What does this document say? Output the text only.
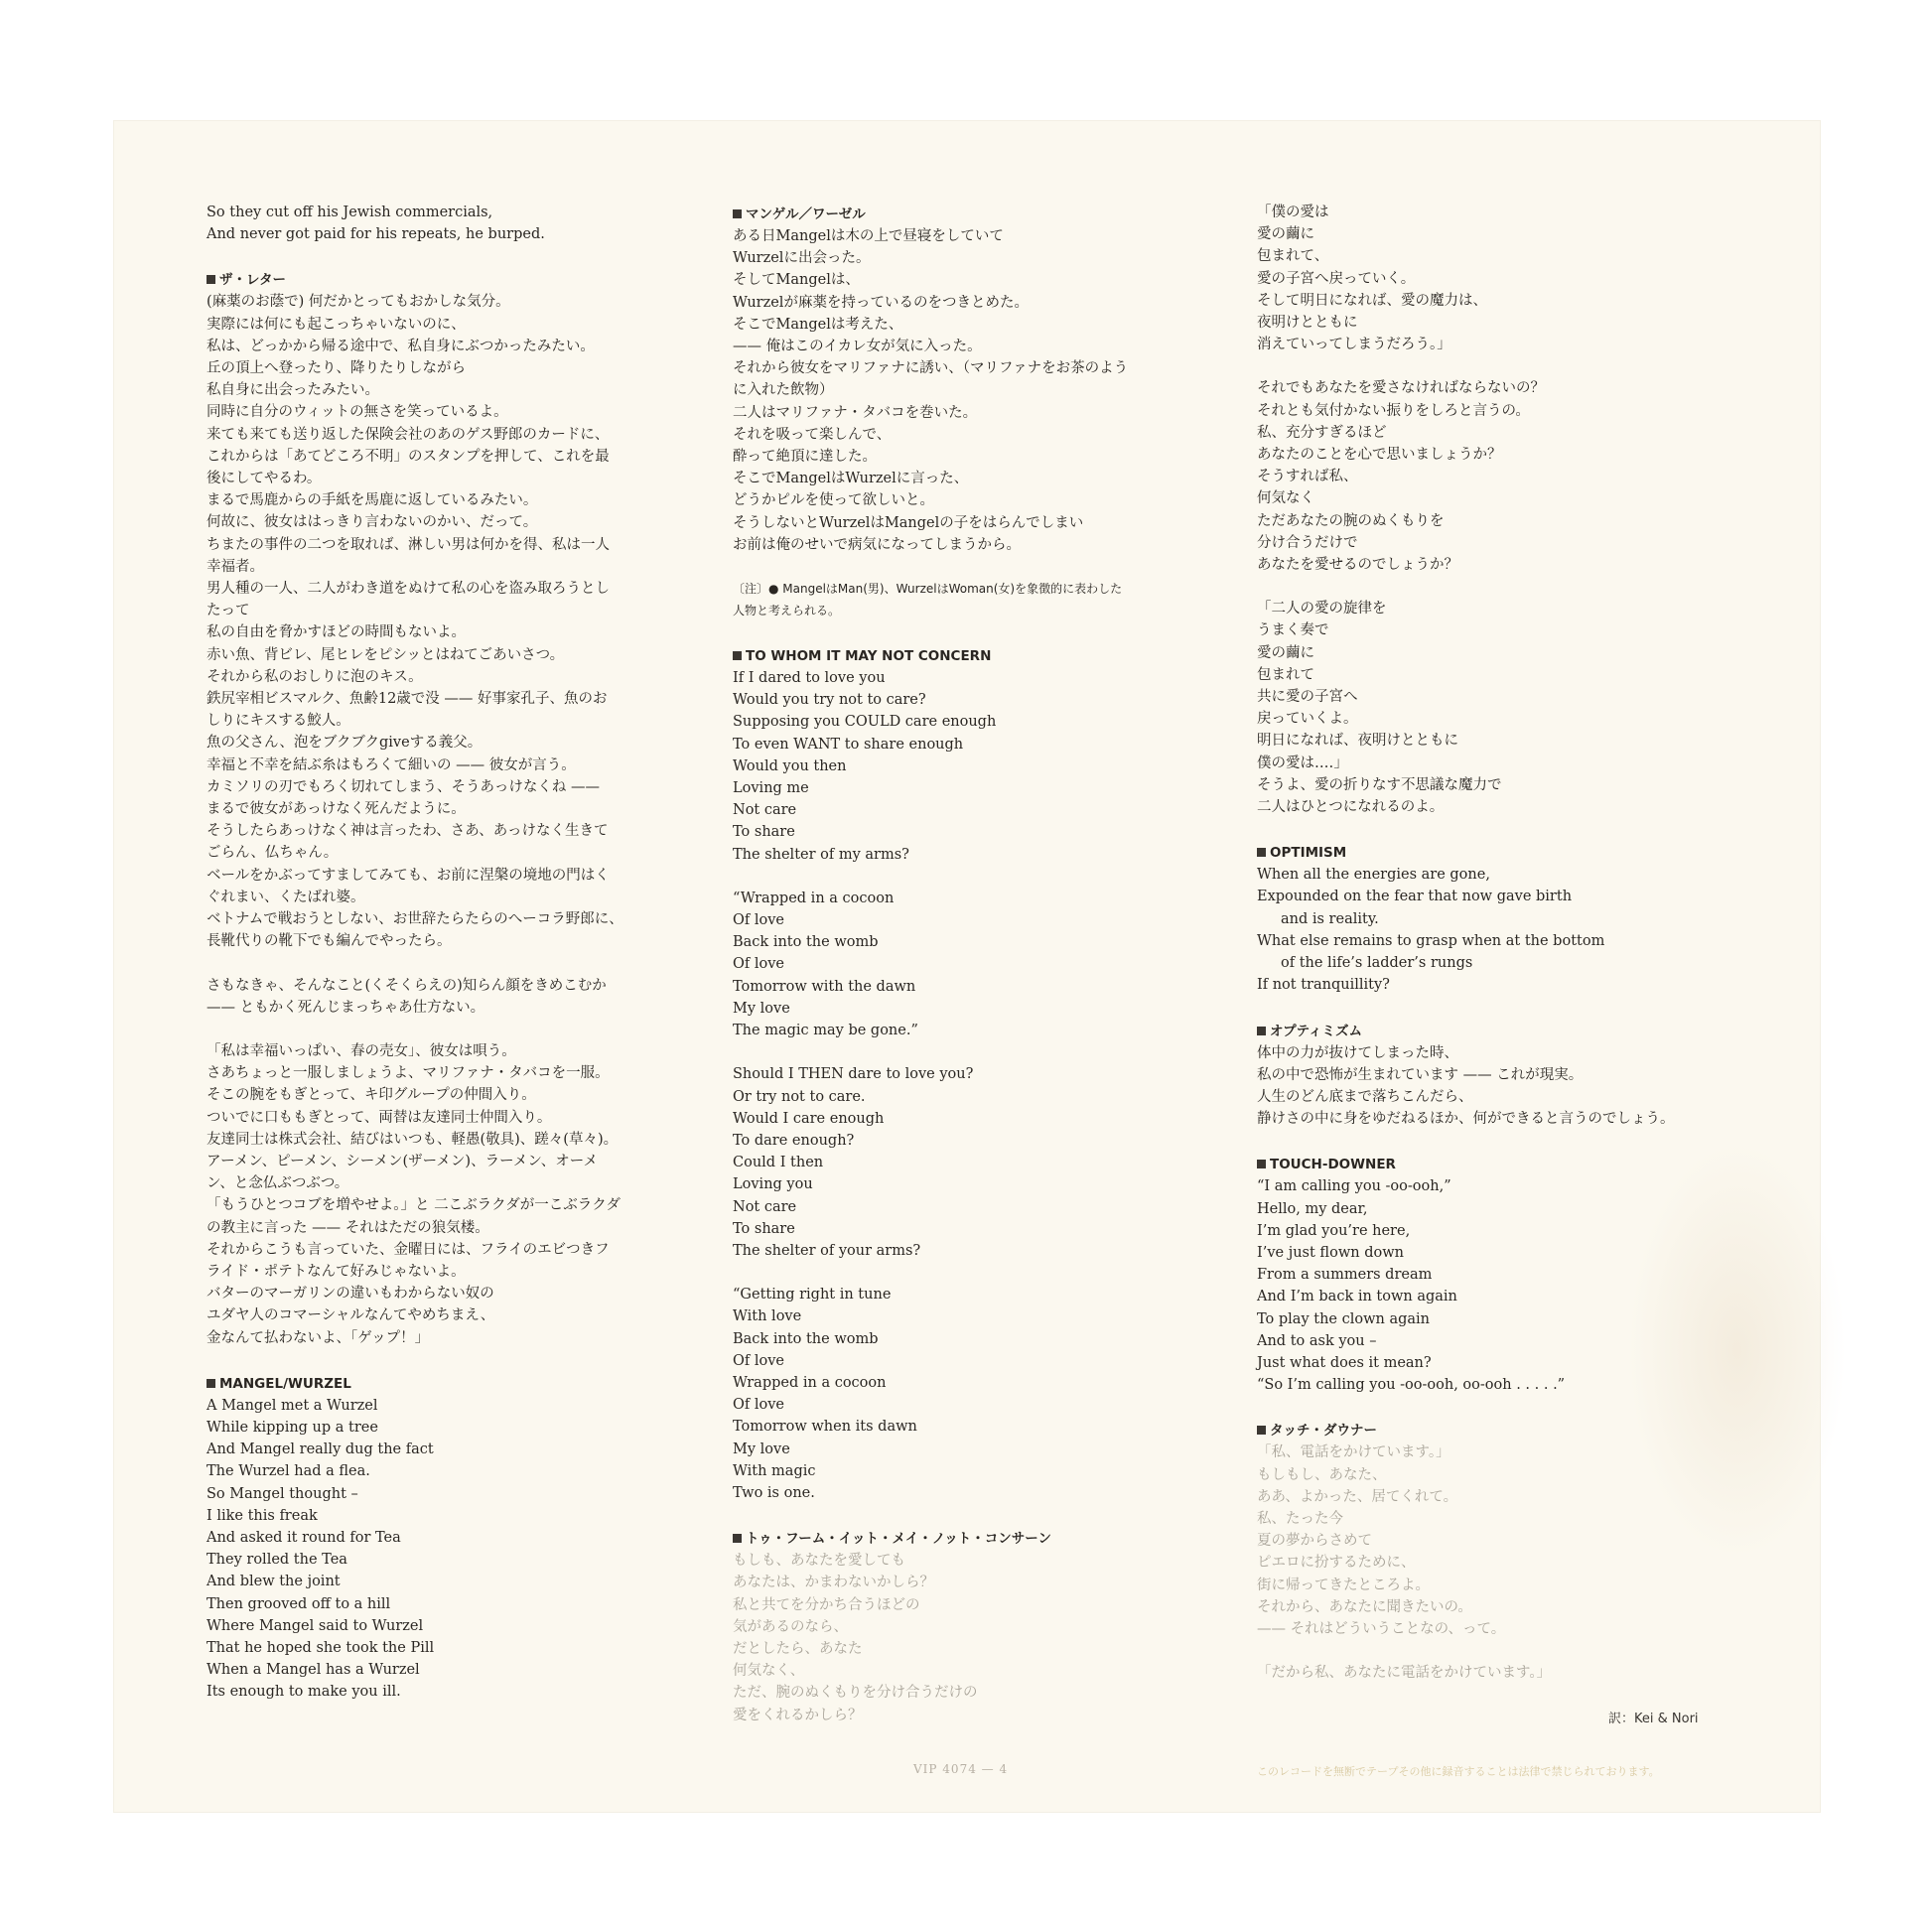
So they cut off his Jewish commercials,
And never got paid for his repeats, he burped.
ザ・レター
(麻薬のお蔭で) 何だかとってもおかしな気分。
実際には何にも起こっちゃいないのに、
私は、どっかから帰る途中で、私自身にぶつかったみたい。
丘の頂上へ登ったり、降りたりしながら
私自身に出会ったみたい。
同時に自分のウィットの無さを笑っているよ。
来ても来ても送り返した保険会社のあのゲス野郎のカードに、
これからは「あてどころ不明」のスタンプを押して、これを最
後にしてやるわ。
まるで馬鹿からの手紙を馬鹿に返しているみたい。
何故に、彼女ははっきり言わないのかい、だって。
ちまたの事件の二つを取れば、淋しい男は何かを得、私は一人
幸福者。
男人種の一人、二人がわき道をぬけて私の心を盗み取ろうとし
たって
私の自由を脅かすほどの時間もないよ。
赤い魚、背ビレ、尾ヒレをピシッとはねてごあいさつ。
それから私のおしりに泡のキス。
鉄尻宰相ビスマルク、魚齢12歳で没 —— 好事家孔子、魚のお
しりにキスする鮫人。
魚の父さん、泡をブクブクgiveする義父。
幸福と不幸を結ぶ糸はもろくて細いの —— 彼女が言う。
カミソリの刃でもろく切れてしまう、そうあっけなくね ——
まるで彼女があっけなく死んだように。
そうしたらあっけなく神は言ったわ、さあ、あっけなく生きて
ごらん、仏ちゃん。
ベールをかぶってすましてみても、お前に涅槃の境地の門はく
ぐれまい、くたばれ婆。
ベトナムで戦おうとしない、お世辞たらたらのへーコラ野郎に、
長靴代りの靴下でも編んでやったら。
さもなきゃ、そんなこと(くそくらえの)知らん顔をきめこむか
—— ともかく死んじまっちゃあ仕方ない。
「私は幸福いっぱい、春の売女」、彼女は唄う。
さあちょっと一服しましょうよ、マリファナ・タバコを一服。
そこの腕をもぎとって、キ印グループの仲間入り。
ついでに口ももぎとって、両替は友達同士仲間入り。
友達同士は株式会社、結びはいつも、軽愚(敬具)、蹉々(草々)。
アーメン、ピーメン、シーメン(ザーメン)、ラーメン、オーメ
ン、と念仏ぶつぶつ。
「もうひとつコブを増やせよ。」と 二こぶラクダが一こぶラクダ
の教主に言った —— それはただの狼気楼。
それからこうも言っていた、金曜日には、フライのエビつきフ
ライド・ポテトなんて好みじゃないよ。
バターのマーガリンの違いもわからない奴の
ユダヤ人のコマーシャルなんてやめちまえ、
金なんて払わないよ、「ゲップ！」
MANGEL/WURZEL
A Mangel met a Wurzel
While kipping up a tree
And Mangel really dug the fact
The Wurzel had a flea.
So Mangel thought –
I like this freak
And asked it round for Tea
They rolled the Tea
And blew the joint
Then grooved off to a hill
Where Mangel said to Wurzel
That he hoped she took the Pill
When a Mangel has a Wurzel
Its enough to make you ill.
マンゲル／ワーゼル
ある日Mangelは木の上で昼寝をしていて
Wurzelに出会った。
そしてMangelは、
Wurzelが麻薬を持っているのをつきとめた。
そこでMangelは考えた、
—— 俺はこのイカレ女が気に入った。
それから彼女をマリファナに誘い、（マリファナをお茶のよう
に入れた飲物）
二人はマリファナ・タバコを巻いた。
それを吸って楽しんで、
酔って絶頂に達した。
そこでMangelはWurzelに言った、
どうかピルを使って欲しいと。
そうしないとWurzelはMangelの子をはらんでしまい
お前は俺のせいで病気になってしまうから。
〔注〕● MangelはMan(男)、WurzelはWoman(女)を象徴的に表わした
人物と考えられる。
TO WHOM IT MAY NOT CONCERN
If I dared to love you
Would you try not to care?
Supposing you COULD care enough
To even WANT to share enough
Would you then
Loving me
Not care
To share
The shelter of my arms?
“Wrapped in a cocoon
Of love
Back into the womb
Of love
Tomorrow with the dawn
My love
The magic may be gone.”
Should I THEN dare to love you?
Or try not to care.
Would I care enough
To dare enough?
Could I then
Loving you
Not care
To share
The shelter of your arms?
“Getting right in tune
With love
Back into the womb
Of love
Wrapped in a cocoon
Of love
Tomorrow when its dawn
My love
With magic
Two is one.
トゥ・フーム・イット・メイ・ノット・コンサーン
もしも、あなたを愛しても
あなたは、かまわないかしら？
私と共てを分かち合うほどの
気があるのなら、
だとしたら、あなた
何気なく、
ただ、腕のぬくもりを分け合うだけの
愛をくれるかしら？
「僕の愛は
愛の繭に
包まれて、
愛の子宮へ戻っていく。
そして明日になれば、愛の魔力は、
夜明けとともに
消えていってしまうだろう。」
それでもあなたを愛さなければならないの？
それとも気付かない振りをしろと言うの。
私、充分すぎるほど
あなたのことを心で思いましょうか？
そうすれば私、
何気なく
ただあなたの腕のぬくもりを
分け合うだけで
あなたを愛せるのでしょうか？
「二人の愛の旋律を
うまく奏で
愛の繭に
包まれて
共に愛の子宮へ
戻っていくよ。
明日になれば、夜明けとともに
僕の愛は‥‥」
そうよ、愛の折りなす不思議な魔力で
二人はひとつになれるのよ。
OPTIMISM
When all the energies are gone,
Expounded on the fear that now gave birth
and is reality.
What else remains to grasp when at the bottom
of the life’s ladder’s rungs
If not tranquillity?
オプティミズム
体中の力が抜けてしまった時、
私の中で恐怖が生まれています —— これが現実。
人生のどん底まで落ちこんだら、
静けさの中に身をゆだねるほか、何ができると言うのでしょう。
TOUCH-DOWNER
“I am calling you -oo-ooh,”
Hello, my dear,
I’m glad you’re here,
I’ve just flown down
From a summers dream
And I’m back in town again
To play the clown again
And to ask you –
Just what does it mean?
“So I’m calling you -oo-ooh, oo-ooh . . . . .”
タッチ・ダウナー
「私、電話をかけています。」
もしもし、あなた、
ああ、よかった、居てくれて。
私、たった今
夏の夢からさめて
ピエロに扮するために、
街に帰ってきたところよ。
それから、あなたに聞きたいの。
—— それはどういうことなの、って。
「だから私、あなたに電話をかけています。」
訳：Kei & Nori
VIP 4074 — 4	このレコードを無断でテープその他に録音することは法律で禁じられております。
